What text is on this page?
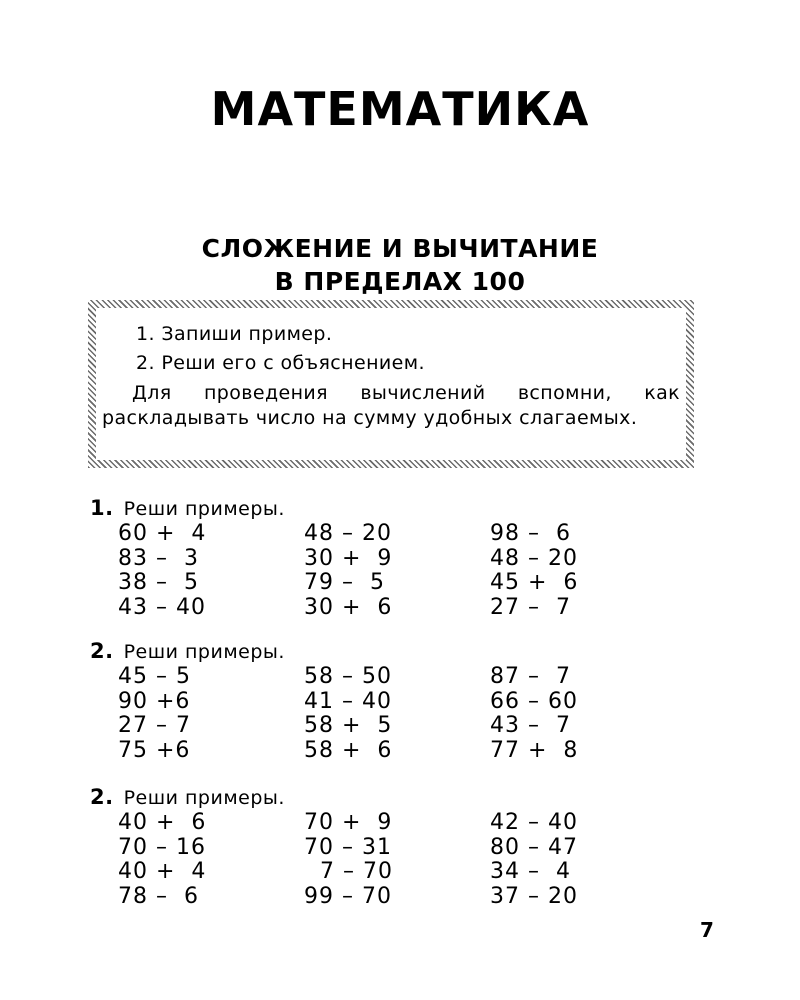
МАТЕМАТИКА
СЛОЖЕНИЕ И ВЫЧИТАНИЕ
В ПРЕДЕЛАХ 100
1. Запиши пример.
2. Реши его с объяснением.
Для проведения вычислений вспомни, как раскладывать число на сумму удобных слагаемых.
1. Реши примеры.
60 +  4	48 – 20	98 –  6
83 –  3	30 +  9	48 – 20
38 –  5	79 –  5	45 +  6
43 – 40	30 +  6	27 –  7
2. Реши примеры.
45 – 5	58 – 50	87 –  7
90 +6	41 – 40	66 – 60
27 – 7	58 +  5	43 –  7
75 +6	58 +  6	77 +  8
2. Реши примеры.
40 +  6	70 +  9	42 – 40
70 – 16	70 – 31	80 – 47
40 +  4	7 – 70	34 –  4
78 –  6	99 – 70	37 – 20
7
